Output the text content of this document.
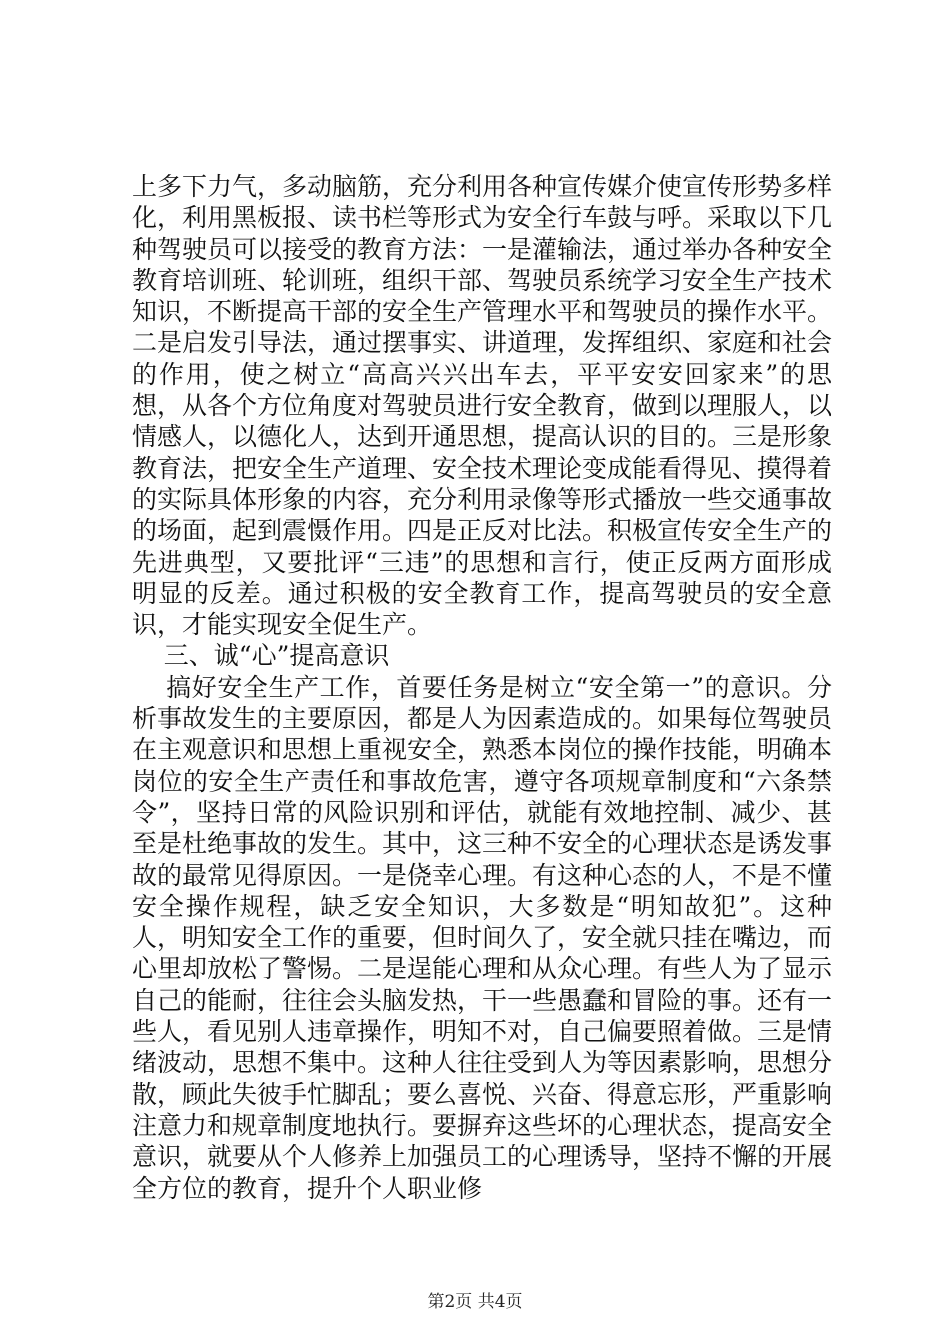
上多下力气，多动脑筋，充分利用各种宣传媒介使宣传形势多样化，利用黑板报、读书栏等形式为安全行车鼓与呼。采取以下几种驾驶员可以接受的教育方法：一是灌输法，通过举办各种安全教育培训班、轮训班，组织干部、驾驶员系统学习安全生产技术知识，不断提高干部的安全生产管理水平和驾驶员的操作水平。二是启发引导法，通过摆事实、讲道理，发挥组织、家庭和社会的作用，使之树立“高高兴兴出车去，平平安安回家来”的思想，从各个方位角度对驾驶员进行安全教育，做到以理服人，以情感人，以德化人，达到开通思想，提高认识的目的。三是形象教育法，把安全生产道理、安全技术理论变成能看得见、摸得着的实际具体形象的内容，充分利用录像等形式播放一些交通事故的场面，起到震慑作用。四是正反对比法。积极宣传安全生产的先进典型，又要批评“三违”的思想和言行，使正反两方面形成明显的反差。通过积极的安全教育工作，提高驾驶员的安全意识，才能实现安全促生产。

三、诚“心”提高意识

搞好安全生产工作，首要任务是树立“安全第一”的意识。分析事故发生的主要原因，都是人为因素造成的。如果每位驾驶员在主观意识和思想上重视安全，熟悉本岗位的操作技能，明确本岗位的安全生产责任和事故危害，遵守各项规章制度和“六条禁令”，坚持日常的风险识别和评估，就能有效地控制、减少、甚至是杜绝事故的发生。其中，这三种不安全的心理状态是诱发事故的最常见得原因。一是侥幸心理。有这种心态的人，不是不懂安全操作规程，缺乏安全知识，大多数是“明知故犯”。这种人，明知安全工作的重要，但时间久了，安全就只挂在嘴边，而心里却放松了警惕。二是逞能心理和从众心理。有些人为了显示自己的能耐，往往会头脑发热，干一些愚蠢和冒险的事。还有一些人，看见别人违章操作，明知不对，自己偏要照着做。三是情绪波动，思想不集中。这种人往往受到人为等因素影响，思想分散，顾此失彼手忙脚乱；要么喜悦、兴奋、得意忘形，严重影响注意力和规章制度地执行。要摒弃这些坏的心理状态，提高安全意识，就要从个人修养上加强员工的心理诱导，坚持不懈的开展全方位的教育，提升个人职业修

第2页 共4页
